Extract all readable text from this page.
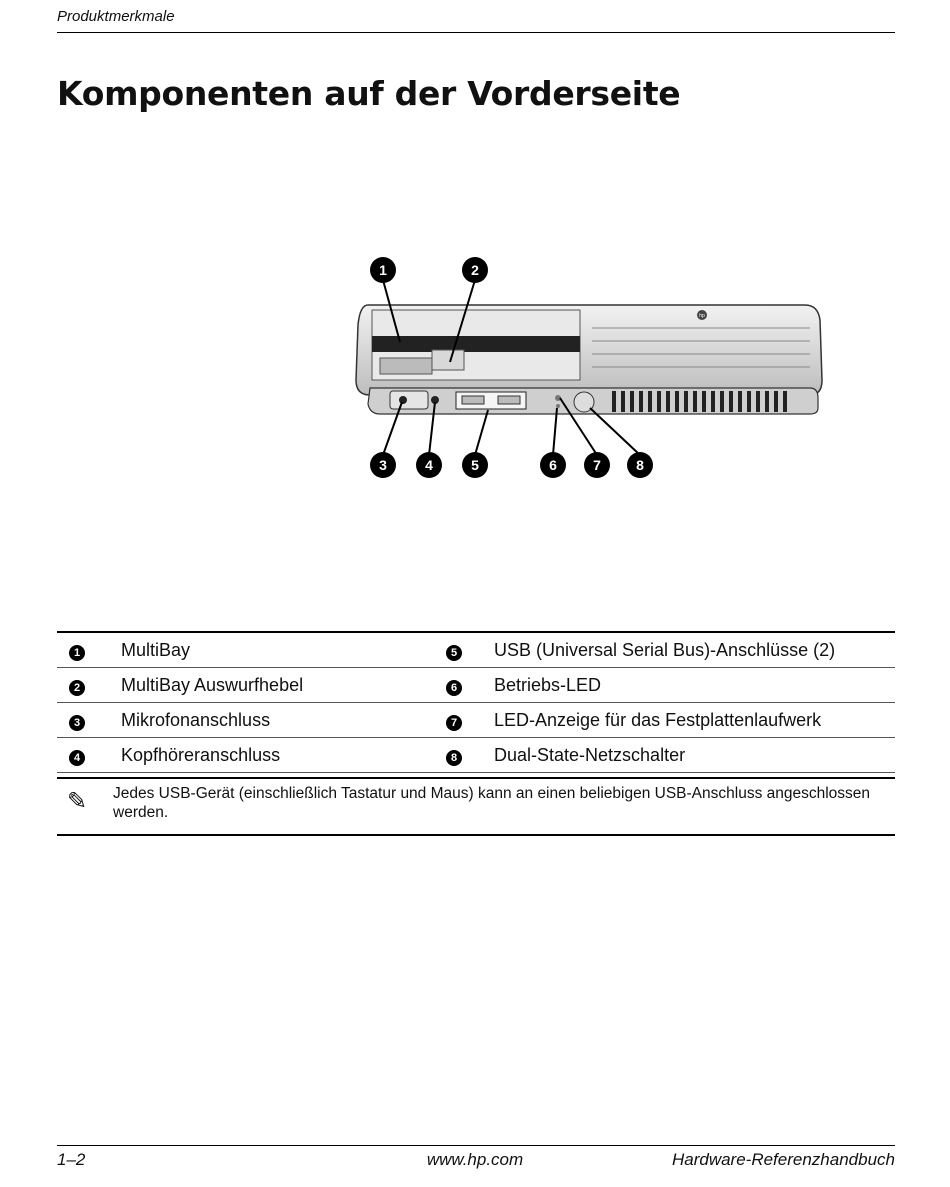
Produktmerkmale
Komponenten auf der Vorderseite
hp
1	2
3	4	5	6	7	8
1	MultiBay	5	USB (Universal Serial Bus)-Anschlüsse (2)
2	MultiBay Auswurfhebel	6	Betriebs-LED
3	Mikrofonanschluss	7	LED-Anzeige für das Festplattenlaufwerk
4	Kopfhöreranschluss	8	Dual-State-Netzschalter
✎ Jedes USB-Gerät (einschließlich Tastatur und Maus) kann an einen beliebigen USB-Anschluss angeschlossen werden.
1–2	www.hp.com	Hardware-Referenzhandbuch
